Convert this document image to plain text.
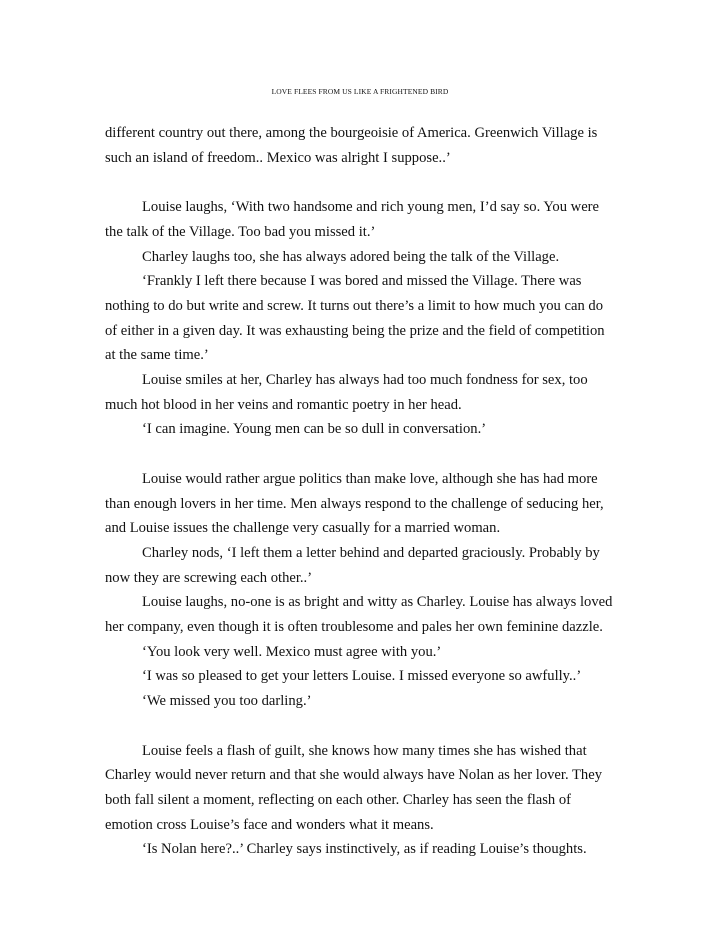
LOVE FLEES FROM US LIKE A FRIGHTENED BIRD

different country out there, among the bourgeoisie of America. Greenwich Village is such an island of freedom.. Mexico was alright I suppose..’

Louise laughs, ‘With two handsome and rich young men, I’d say so. You were the talk of the Village. Too bad you missed it.’

Charley laughs too, she has always adored being the talk of the Village.

‘Frankly I left there because I was bored and missed the Village. There was nothing to do but write and screw. It turns out there’s a limit to how much you can do of either in a given day. It was exhausting being the prize and the field of competition at the same time.’

Louise smiles at her, Charley has always had too much fondness for sex, too much hot blood in her veins and romantic poetry in her head.

‘I can imagine. Young men can be so dull in conversation.’

Louise would rather argue politics than make love, although she has had more than enough lovers in her time. Men always respond to the challenge of seducing her, and Louise issues the challenge very casually for a married woman.

Charley nods, ‘I left them a letter behind and departed graciously. Probably by now they are screwing each other..’

Louise laughs, no-one is as bright and witty as Charley. Louise has always loved her company, even though it is often troublesome and pales her own feminine dazzle.

‘You look very well. Mexico must agree with you.’

‘I was so pleased to get your letters Louise. I missed everyone so awfully..’

‘We missed you too darling.’

Louise feels a flash of guilt, she knows how many times she has wished that Charley would never return and that she would always have Nolan as her lover. They both fall silent a moment, reflecting on each other. Charley has seen the flash of emotion cross Louise’s face and wonders what it means.

‘Is Nolan here?..’ Charley says instinctively, as if reading Louise’s thoughts.
